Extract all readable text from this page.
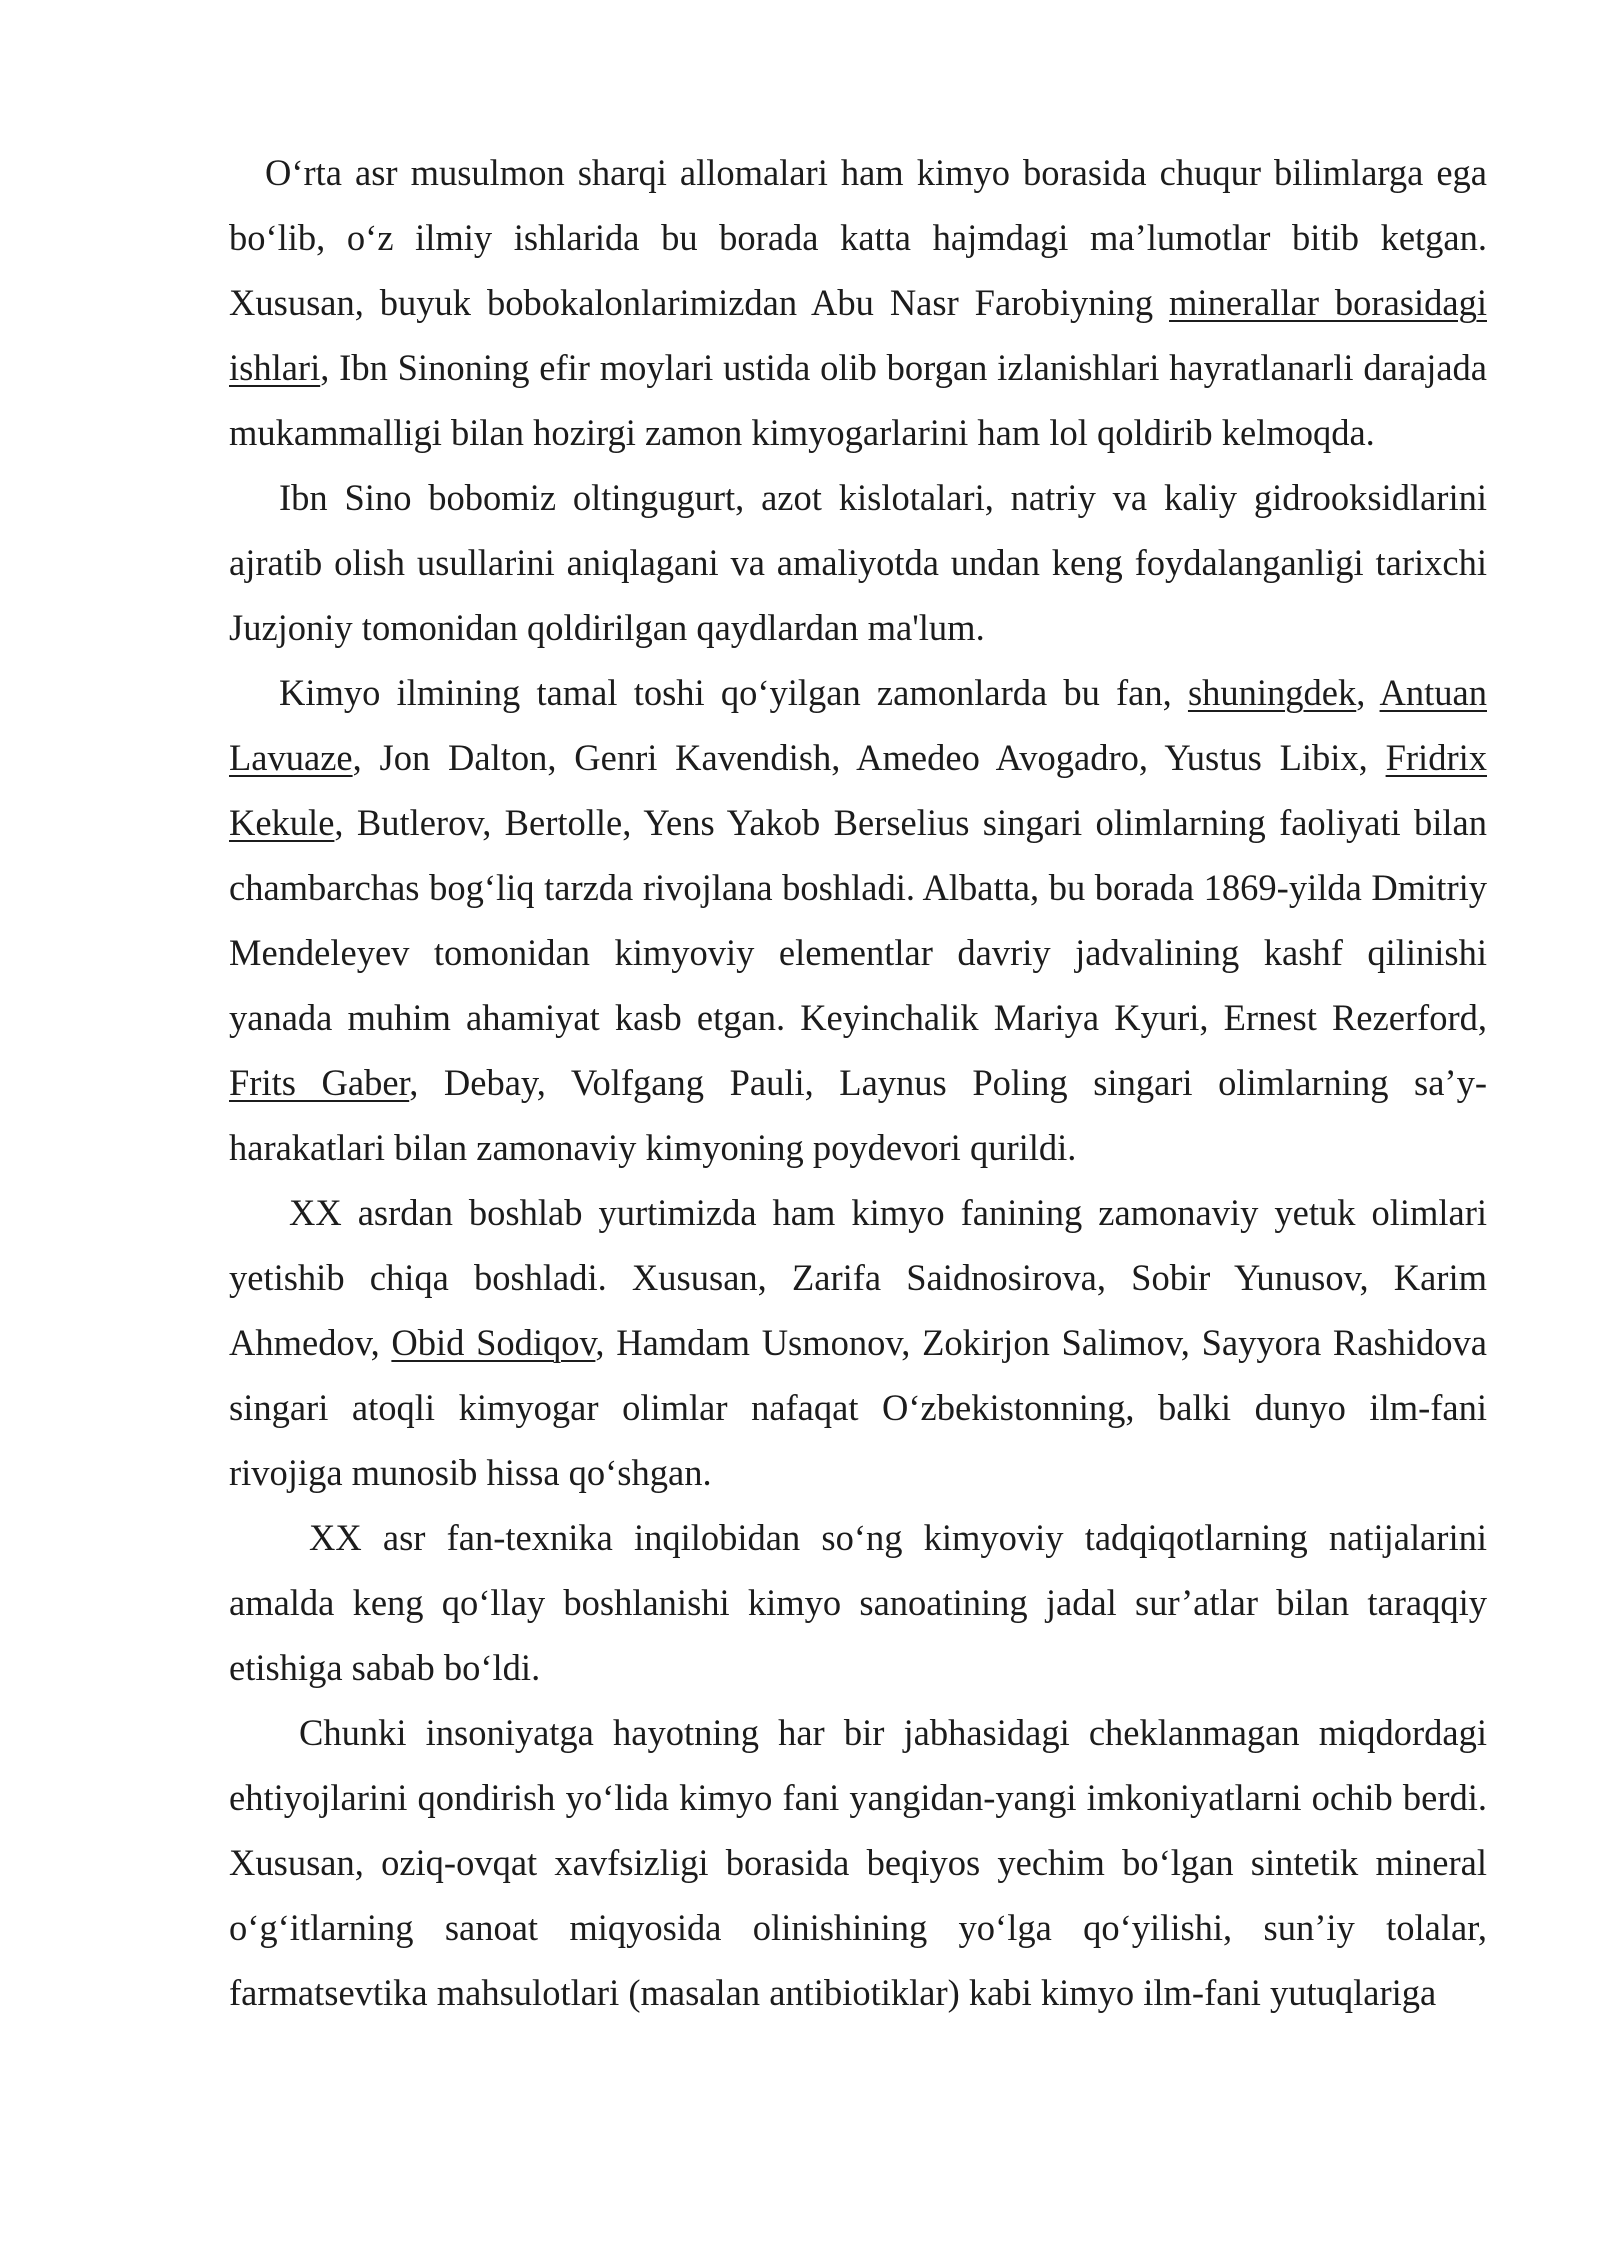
O‘rta asr musulmon sharqi allomalari ham kimyo borasida chuqur bilimlarga ega bo‘lib, o‘z ilmiy ishlarida bu borada katta hajmdagi ma’lumotlar bitib ketgan. Xususan, buyuk bobokalonlarimizdan Abu Nasr Farobiyning minerallar borasidagi ishlari, Ibn Sinoning efir moylari ustida olib borgan izlanishlari hayratlanarli darajada mukammalligi bilan hozirgi zamon kimyogarlarini ham lol qoldirib kelmoqda.

Ibn Sino bobomiz oltingugurt, azot kislotalari, natriy va kaliy gidrooksidlarini ajratib olish usullarini aniqlagani va amaliyotda undan keng foydalanganligi tarixchi Juzjoniy tomonidan qoldirilgan qaydlardan ma'lum.

Kimyo ilmining tamal toshi qo‘yilgan zamonlarda bu fan, shuningdek, Antuan Lavuaze, Jon Dalton, Genri Kavendish, Amedeo Avogadro, Yustus Libix, Fridrix Kekule, Butlerov, Bertolle, Yens Yakob Berselius singari olimlarning faoliyati bilan chambarchas bog‘liq tarzda rivojlana boshladi. Albatta, bu borada 1869-yilda Dmitriy Mendeleyev tomonidan kimyoviy elementlar davriy jadvalining kashf qilinishi yanada muhim ahamiyat kasb etgan. Keyinchalik Mariya Kyuri, Ernest Rezerford, Frits Gaber, Debay, Volfgang Pauli, Laynus Poling singari olimlarning sa’y-harakatlari bilan zamonaviy kimyoning poydevori qurildi.

XX asrdan boshlab yurtimizda ham kimyo fanining zamonaviy yetuk olimlari yetishib chiqa boshladi. Xususan, Zarifa Saidnosirova, Sobir Yunusov, Karim Ahmedov, Obid Sodiqov, Hamdam Usmonov, Zokirjon Salimov, Sayyora Rashidova singari atoqli kimyogar olimlar nafaqat O‘zbekistonning, balki dunyo ilm-fani rivojiga munosib hissa qo‘shgan.

XX asr fan-texnika inqilobidan so‘ng kimyoviy tadqiqotlarning natijalarini amalda keng qo‘llay boshlanishi kimyo sanoatining jadal sur’atlar bilan taraqqiy etishiga sabab bo‘ldi.

Chunki insoniyatga hayotning har bir jabhasidagi cheklanmagan miqdordagi ehtiyojlarini qondirish yo‘lida kimyo fani yangidan-yangi imkoniyatlarni ochib berdi. Xususan, oziq-ovqat xavfsizligi borasida beqiyos yechim bo‘lgan sintetik mineral o‘g‘itlarning sanoat miqyosida olinishining yo‘lga qo‘yilishi, sun’iy tolalar, farmatsevtika mahsulotlari (masalan antibiotiklar) kabi kimyo ilm-fani yutuqlariga
